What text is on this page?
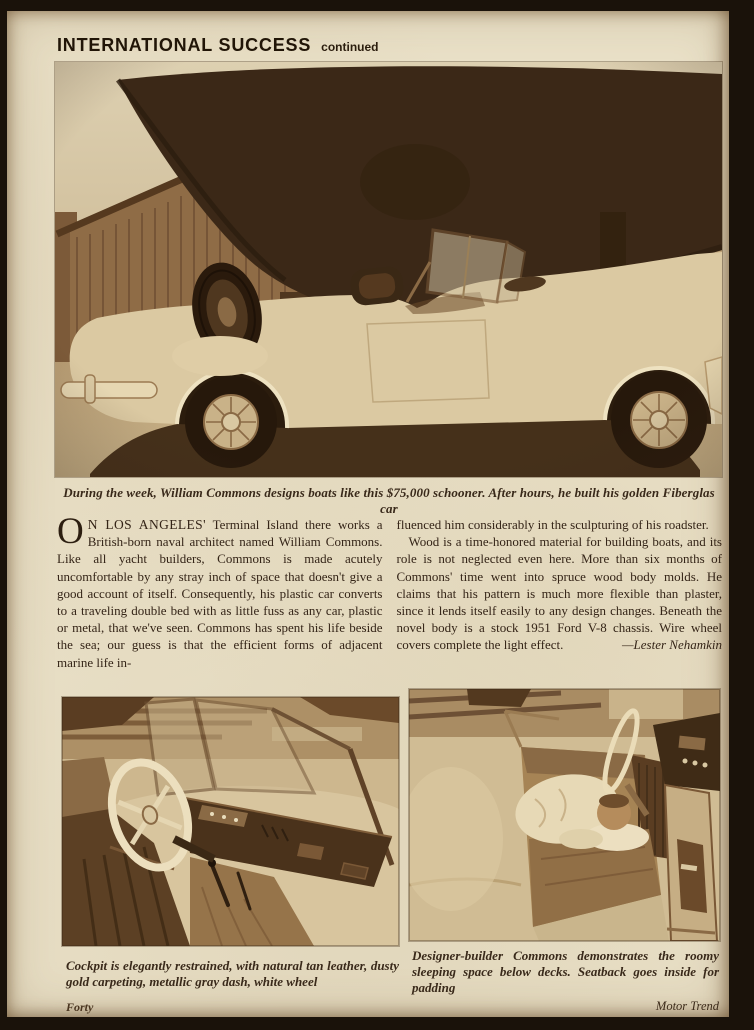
INTERNATIONAL SUCCESS continued
During the week, William Commons designs boats like this $75,000 schooner. After hours, he built his golden Fiberglas car

O N LOS ANGELES' Terminal Island there works a British-born naval architect named William Commons. Like all yacht builders, Commons is made acutely uncomfortable by any stray inch of space that doesn't give a good account of itself. Consequently, his plastic car converts to a traveling double bed with as little fuss as any car, plastic or metal, that we've seen. Commons has spent his life beside the sea; our guess is that the efficient forms of adjacent marine life in-

fluenced him considerably in the sculpturing of his roadster.

Wood is a time-honored material for building boats, and its role is not neglected even here. More than six months of Commons' time went into spruce wood body molds. He claims that his pattern is much more flexible than plaster, since it lends itself easily to any design changes. Beneath the novel body is a stock 1951 Ford V-8 chassis. Wire wheel covers complete the light effect.	—Lester Nehamkin

Cockpit is elegantly restrained, with natural tan leather, dusty gold carpeting, metallic gray dash, white wheel
Designer-builder Commons demonstrates the roomy sleeping space below decks. Seatback goes inside for padding
Forty	Motor Trend
